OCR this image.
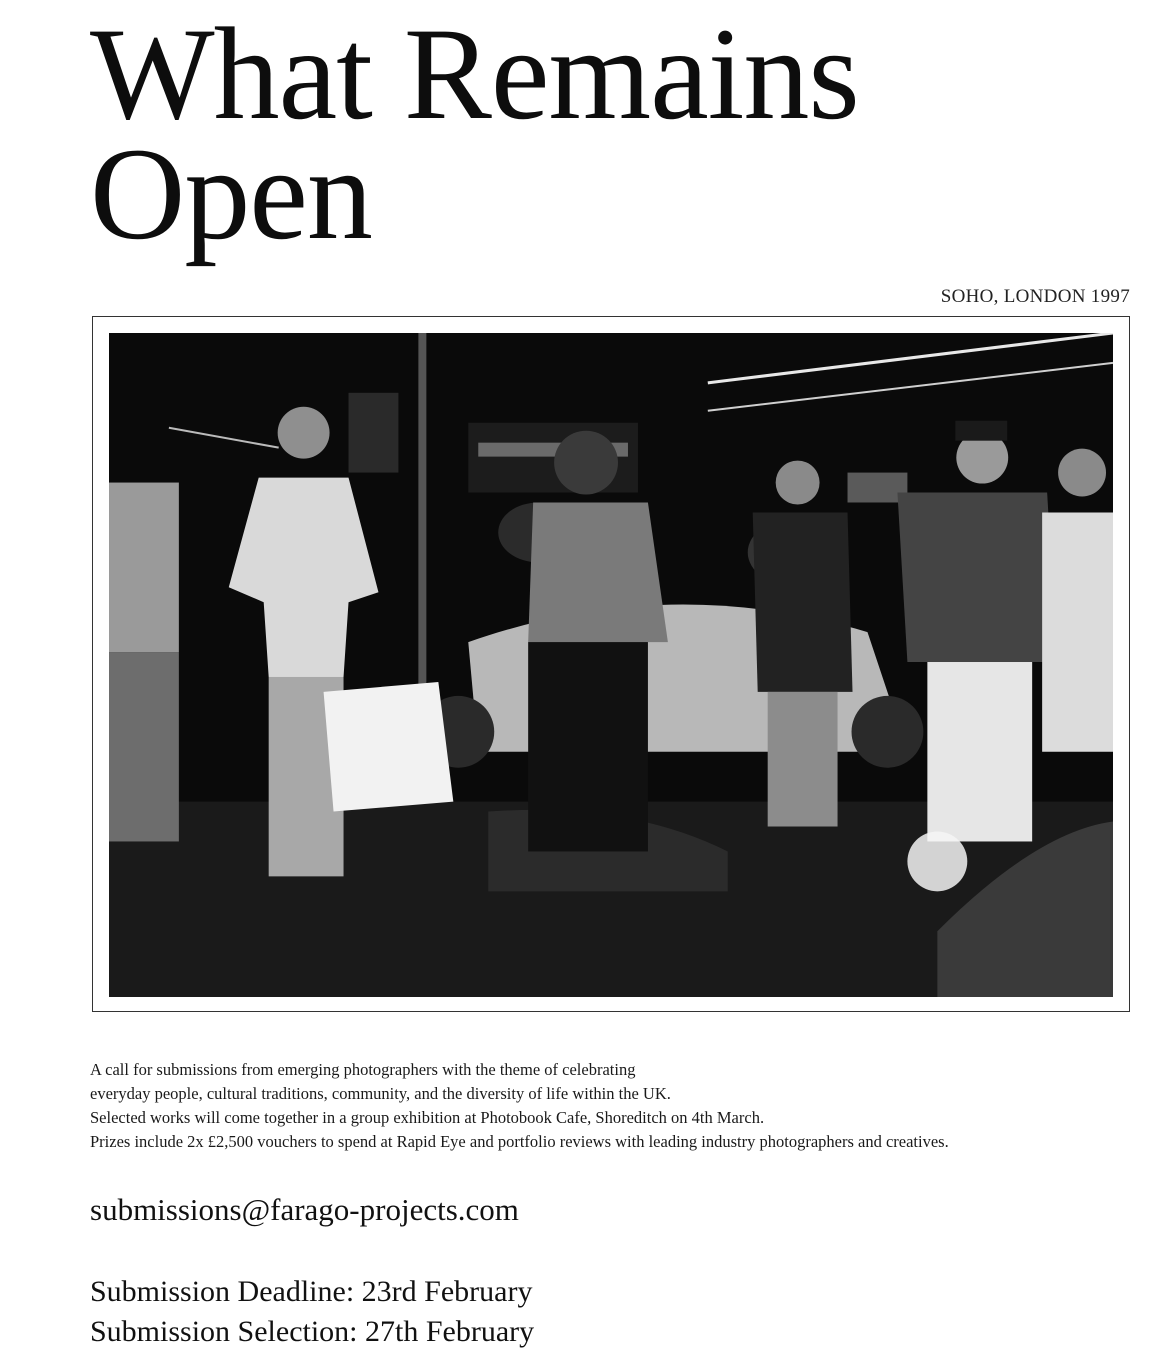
What Remains
Open
SOHO, LONDON 1997

A call for submissions from emerging photographers with the theme of celebrating

everyday people, cultural traditions, community, and the diversity of life within the UK.

Selected works will come together in a group exhibition at Photobook Cafe, Shoreditch on 4th March.

Prizes include 2x £2,500 vouchers to spend at Rapid Eye and portfolio reviews with leading industry photographers and creatives.

submissions@farago-projects.com
Submission Deadline: 23rd February
Submission Selection: 27th February
